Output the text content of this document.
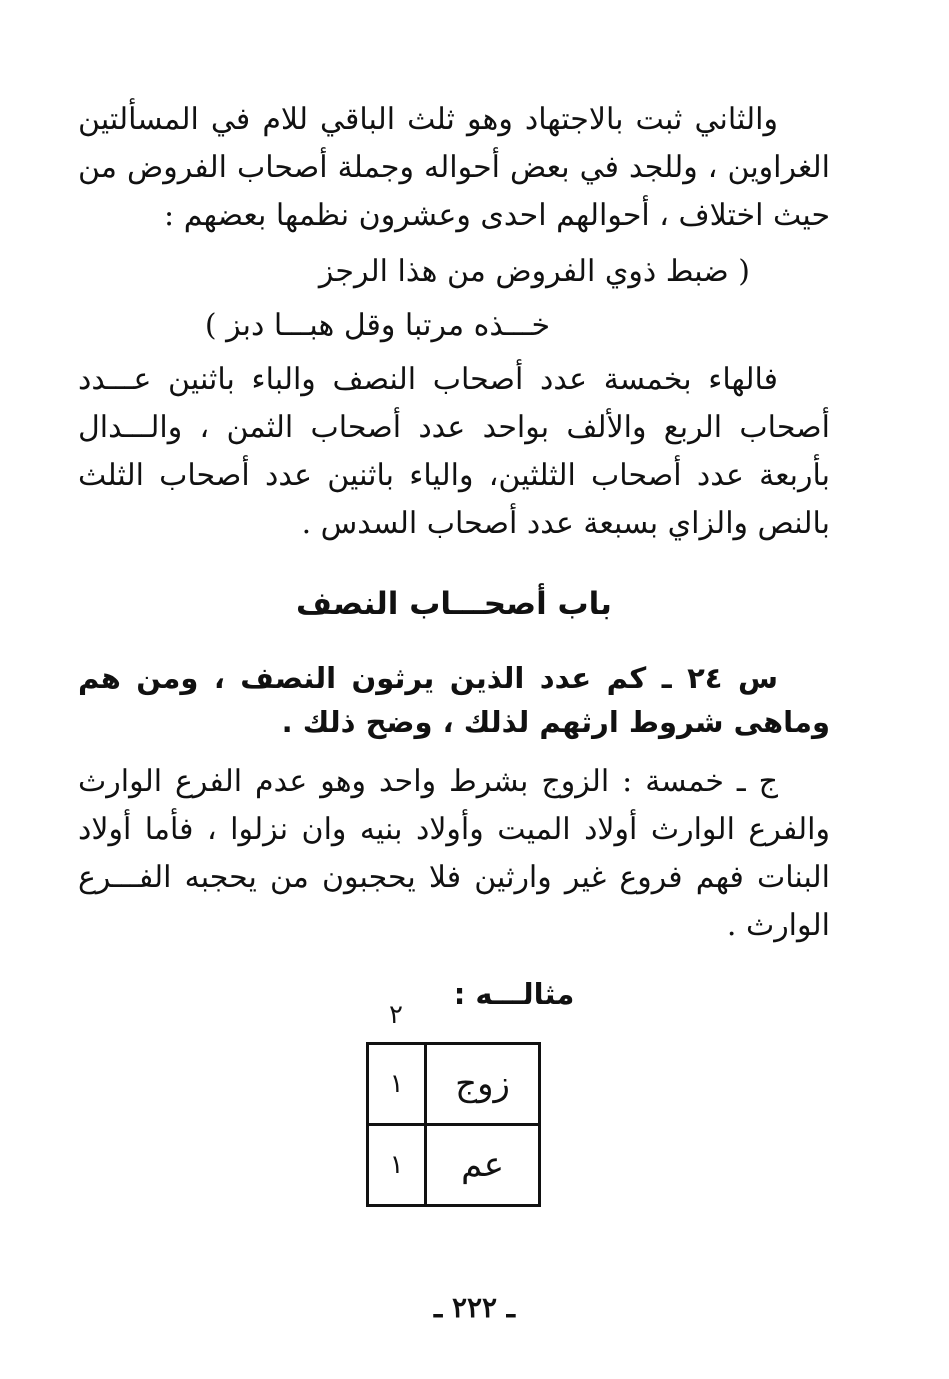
والثاني ثبت بالاجتهاد وهو ثلث الباقي للام في المسألتين الغراوين ، وللجد في بعض أحواله وجملة أصحاب الفروض من حيث اختلاف ، أحوالهم احدى وعشرون نظمها بعضهم :

( ضبط ذوي الفروض من هذا الرجز

خـــذه مرتبا وقل هبـــا دبز )

فالهاء بخمسة عدد أصحاب النصف والباء باثنين عـــدد أصحاب الربع والألف بواحد عدد أصحاب الثمن ، والـــدال بأربعة عدد أصحاب الثلثين، والياء باثنين عدد أصحاب الثلث بالنص والزاي بسبعة عدد أصحاب السدس .

باب أصحـــاب النصف

س ٢٤ ـ كم عدد الذين يرثون النصف ، ومن هم وماهى شروط ارثهم لذلك ، وضح ذلك .

ج ـ خمسة : الزوج بشرط واحد وهو عدم الفرع الوارث والفرع الوارث أولاد الميت وأولاد بنيه وان نزلوا ، فأما أولاد البنات فهم فروع غير وارثين فلا يحجبون من يحجبه الفـــرع الوارث .

مثالـــه :

٢
زوج	١
عم	١
ـ ٢٢٢ ـ
